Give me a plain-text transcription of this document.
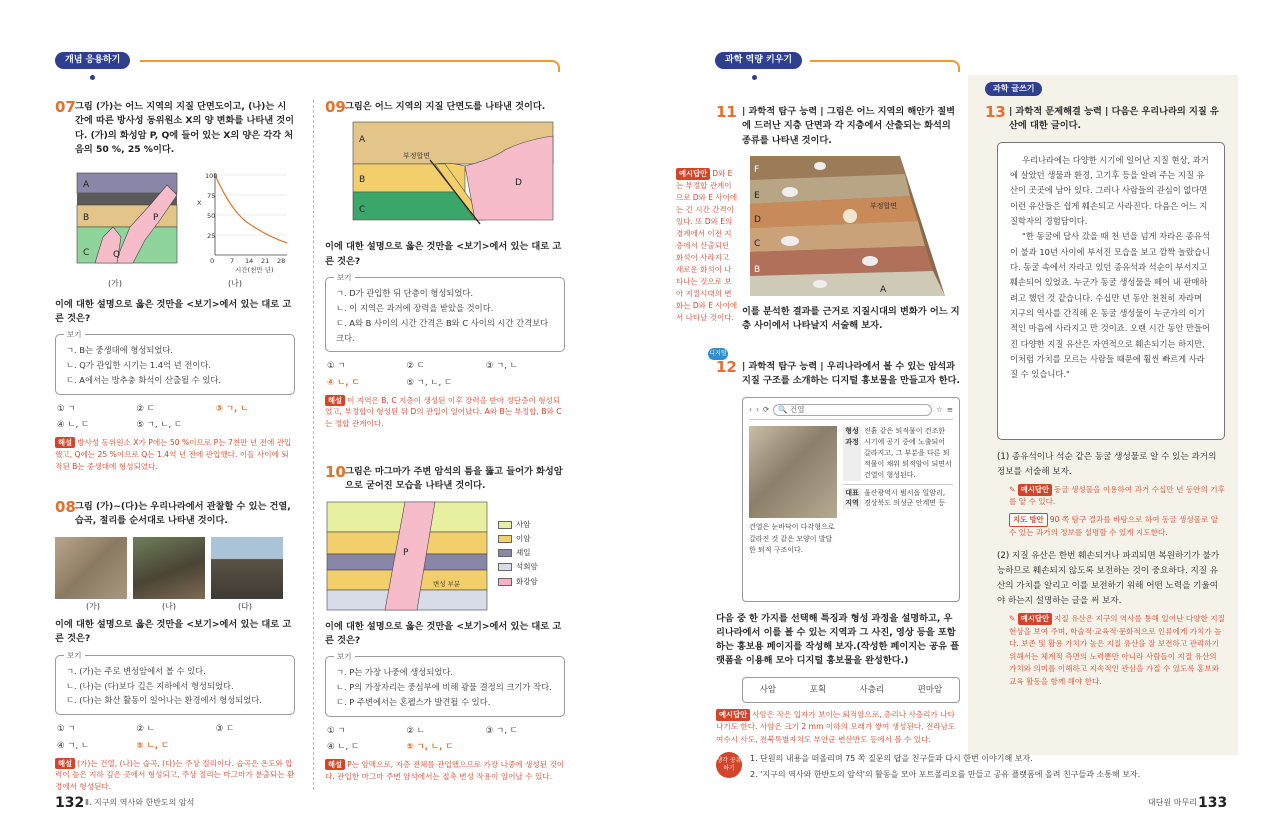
개념 응용하기
07 그림 (가)는 어느 지역의 지질 단면도이고, (나)는 시간에 따른 방사성 동위원소 X의 양 변화를 나타낸 것이다. (가)의 화성암 P, Q에 들어 있는 X의 양은 각각 처음의 50 %, 25 %이다.
A
B
C
P
Q
100
75
50
25
0 7 14 21 28
X
시간(천만 년)
(가)	(나)
이에 대한 설명으로 옳은 것만을 <보기>에서 있는 대로 고른 것은?
보기
ㄱ. B는 중생대에 형성되었다.
ㄴ. Q가 관입한 시기는 1.4억 년 전이다.
ㄷ. A에서는 방추충 화석이 산출될 수 있다.
① ㄱ	② ㄷ	③ ㄱ, ㄴ
④ ㄴ, ㄷ	⑤ ㄱ, ㄴ, ㄷ
해설 방사성 동위원소 X가 P에는 50 %이므로 P는 7천만 년 전에 관입했고, Q에는 25 %이므로 Q는 1.4억 년 전에 관입했다. 이들 사이에 퇴적된 B는 중생대에 형성되었다.
08 그림 (가)~(다)는 우리나라에서 관찰할 수 있는 건열, 습곡, 절리를 순서대로 나타낸 것이다.
(가)	(나)	(다)
이에 대한 설명으로 옳은 것만을 <보기>에서 있는 대로 고른 것은?
보기
ㄱ. (가)는 주로 변성암에서 볼 수 있다.
ㄴ. (나)는 (다)보다 깊은 지하에서 형성되었다.
ㄷ. (다)는 화산 활동이 일어나는 환경에서 형성되었다.
① ㄱ	② ㄴ	③ ㄷ
④ ㄱ, ㄴ	⑤ ㄴ, ㄷ
해설 (가)는 건열, (나)는 습곡, (다)는 주상 절리이다. 습곡은 온도와 압력이 높은 지하 깊은 곳에서 형성되고, 주상 절리는 마그마가 분출되는 환경에서 형성된다.
09 그림은 어느 지역의 지질 단면도를 나타낸 것이다.
A
B
C
D
부정합면
이에 대한 설명으로 옳은 것만을 <보기>에서 있는 대로 고른 것은?
보기
ㄱ. D가 관입한 뒤 단층이 형성되었다.
ㄴ. 이 지역은 과거에 장력을 받았을 것이다.
ㄷ. A와 B 사이의 시간 간격은 B와 C 사이의 시간 간격보다 크다.
① ㄱ	② ㄷ	③ ㄱ, ㄴ
④ ㄴ, ㄷ	⑤ ㄱ, ㄴ, ㄷ
해설 이 지역은 B, C 지층이 생성된 이후 장력을 받아 정단층이 형성되었고, 부정합이 형성된 뒤 D의 관입이 일어났다. A와 B는 부정합, B와 C는 정합 관계이다.
10 그림은 마그마가 주변 암석의 틈을 뚫고 들어가 화성암으로 굳어진 모습을 나타낸 것이다.
P
변성 부분
사암
이암
셰일
석회암
화강암
이에 대한 설명으로 옳은 것만을 <보기>에서 있는 대로 고른 것은?
보기
ㄱ. P는 가장 나중에 생성되었다.
ㄴ. P의 가장자리는 중심부에 비해 광물 결정의 크기가 작다.
ㄷ. P 주변에서는 혼펠스가 발견될 수 있다.
① ㄱ	② ㄴ	③ ㄱ, ㄷ
④ ㄴ, ㄷ	⑤ ㄱ, ㄴ, ㄷ
해설 P는 암맥으로, 지층 전체를 관입했으므로 가장 나중에 생성된 것이다. 관입한 마그마 주변 암석에서는 접촉 변성 작용이 일어날 수 있다.
132 Ⅱ. 지구의 역사와 한반도의 암석
과학 역량 키우기
11 | 과학적 탐구 능력 | 그림은 어느 지역의 해안가 절벽에 드러난 지층 단면과 각 지층에서 산출되는 화석의 종류를 나타낸 것이다.
F
E
D
C
B
A
부정합면
이를 분석한 결과를 근거로 지질시대의 변화가 어느 지층 사이에서 나타날지 서술해 보자.
예시답안 D와 E는 부정합 관계이므로 D와 E 사이에는 긴 시간 간격이 있다. 또 D와 E의 경계에서 이전 지층에서 산출되던 화석이 사라지고 새로운 화석이 나타나는 것으로 보아 지질시대의 변화는 D와 E 사이에서 나타날 것이다.
디지털
12 | 과학적 탐구 능력 | 우리나라에서 볼 수 있는 암석과 지질 구조를 소개하는 디지털 홍보물을 만들고자 한다.
‹ › ⟳	🔍 건열	☆ ≡
건열은 눈바닥이 다각형으로 갈라진 것 같은 모양이 발달한 퇴적 구조이다.
형성 과정
진흙 같은 퇴적물이 건조한 시기에 공기 중에 노출되어 갈라지고, 그 부분을 다른 퇴적물이 채워 퇴적암이 되면서 건열이 형성된다.
대표 지역
울산광역시 범서읍 일암리, 경상북도 의성군 안계면 등
다음 중 한 가지를 선택해 특징과 형성 과정을 설명하고, 우리나라에서 이를 볼 수 있는 지역과 그 사진, 영상 등을 포함하는 홍보용 페이지를 작성해 보자.(작성한 페이지는 공유 플랫폼을 이용해 모아 디지털 홍보물을 완성한다.)
사암	포획	사층리	편마암
예시답안 사암은 작은 입자가 보이는 퇴적암으로, 층리나 사층리가 나타나기도 한다. 사암은 크기 2 mm 이하의 모래가 쌓여 생성된다. 전라남도 여수시 사도, 전북특별자치도 부안군 변산반도 등에서 볼 수 있다.
과학 글쓰기
13 | 과학적 문제해결 능력 | 다음은 우리나라의 지질 유산에 대한 글이다.

우리나라에는 다양한 시기에 일어난 지질 현상, 과거에 살았던 생물과 환경, 고기후 등을 알려 주는 지질 유산이 곳곳에 남아 있다. 그러나 사람들의 관심이 없다면 이런 유산들은 쉽게 훼손되고 사라진다. 다음은 어느 지질학자의 경험담이다.

"한 동굴에 답사 갔을 때 천 년을 넘게 자라온 종유석이 불과 10년 사이에 부서진 모습을 보고 깜짝 놀랐습니다. 동굴 속에서 자라고 있던 종유석과 석순이 부서지고 훼손되어 있었죠. 누군가 동굴 생성물을 떼어 내 판매하려고 했던 것 같습니다. 수십만 년 동안 천천히 자라며 지구의 역사를 간직해 온 동굴 생성물이 누군가의 이기적인 마음에 사라지고 만 것이죠. 오랜 시간 동안 만들어진 다양한 지질 유산은 자연적으로 훼손되기는 하지만, 이처럼 가치를 모르는 사람들 때문에 훨씬 빠르게 사라질 수 있습니다."

(1) 종유석이나 석순 같은 동굴 생성물로 알 수 있는 과거의 정보를 서술해 보자.
✎ 예시답안 동굴 생성물을 이용하여 과거 수십만 년 동안의 기후를 알 수 있다.
지도 방안 90 쪽 탐구 결과를 바탕으로 하여 동굴 생성물로 알 수 있는 과거의 정보를 설명할 수 있게 지도한다.
(2) 지질 유산은 한번 훼손되거나 파괴되면 복원하기가 불가능하므로 훼손되지 않도록 보전하는 것이 중요하다. 지질 유산의 가치를 알리고 이를 보전하기 위해 어떤 노력을 기울여야 하는지 설명하는 글을 써 보자.
✎ 예시답안 지질 유산은 지구의 역사를 통해 일어난 다양한 지질 현상을 보여 주며, 학술적·교육적·문화적으로 인류에게 가치가 높다. 보존 및 활용 가치가 높은 지질 유산을 잘 보전하고 관리하기 위해서는 체계적 측면의 노력뿐만 아니라 사람들이 지질 유산의 가치와 의미를 이해하고 지속적인 관심을 가질 수 있도록 홍보와 교육 활동을 함께 해야 한다.
생각 공유하기
1. 단원의 내용을 떠올리며 75 쪽 질문의 답을 친구들과 다시 한번 이야기해 보자.
2. '지구의 역사와 한반도의 암석'의 활동을 모아 포트폴리오를 만들고 공유 플랫폼에 올려 친구들과 소통해 보자.
대단원 마무리 133
